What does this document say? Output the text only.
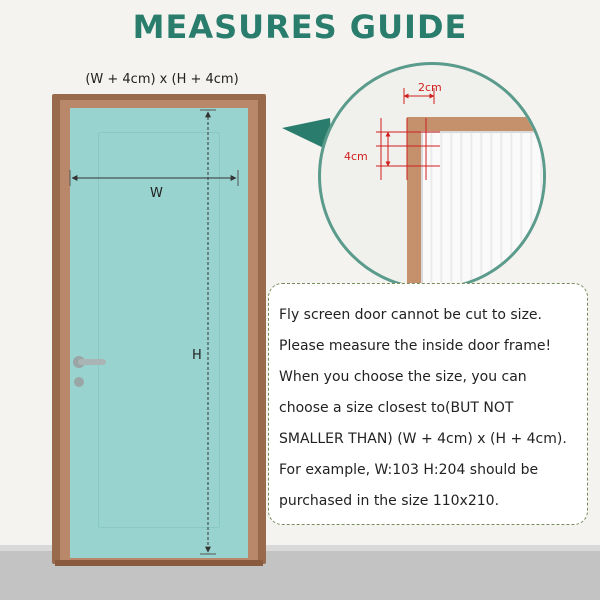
MEASURES GUIDE
(W + 4cm) x (H + 4cm)
W
H
2cm
4cm
Fly screen door cannot be cut to size.
Please measure the inside door frame!
When you choose the size, you can
choose a size closest to(BUT NOT
SMALLER THAN) (W + 4cm) x (H + 4cm).
For example, W:103 H:204 should be
purchased in the size 110x210.
